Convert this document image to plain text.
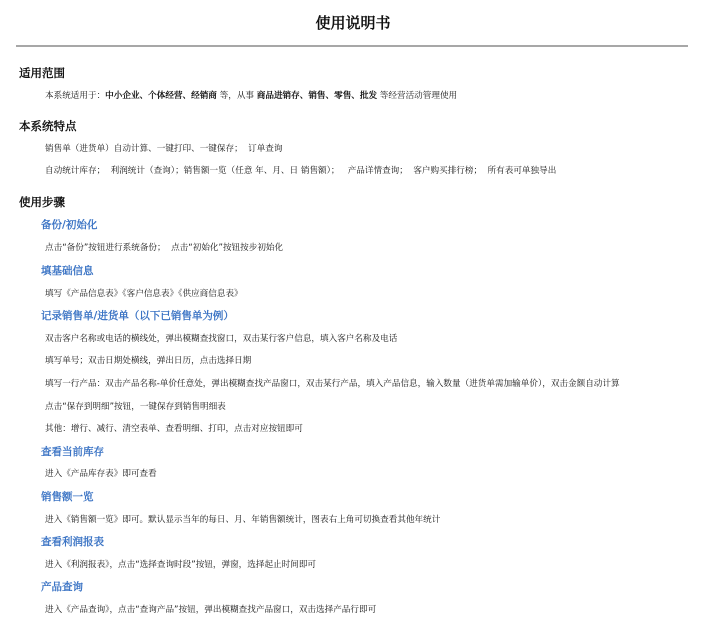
使用说明书
适用范围
本系统适用于：中小企业、个体经营、经销商 等，从事 商品进销存、销售、零售、批发 等经营活动管理使用
本系统特点
销售单（进货单）自动计算、一键打印、一键保存；  订单查询
自动统计库存；  利润统计（查询）；销售额一览（任意 年、月、日 销售额）；   产品详情查询；  客户购买排行榜；  所有表可单独导出
使用步骤
备份/初始化
点击“备份”按钮进行系统备份；  点击“初始化”按钮按步初始化
填基础信息
填写《产品信息表》《客户信息表》《供应商信息表》
记录销售单/进货单（以下已销售单为例）
双击客户名称或电话的横线处，弹出模糊查找窗口，双击某行客户信息，填入客户名称及电话
填写单号；双击日期处横线，弹出日历，点击选择日期
填写一行产品：双击产品名称-单价任意处，弹出模糊查找产品窗口，双击某行产品，填入产品信息，输入数量（进货单需加输单价），双击金额自动计算
点击“保存到明细”按钮，一键保存到销售明细表
其他：增行、减行、清空表单、查看明细、打印，点击对应按钮即可
查看当前库存
进入《产品库存表》即可查看
销售额一览
进入《销售额一览》即可。默认显示当年的每日、月、年销售额统计，图表右上角可切换查看其他年统计
查看利润报表
进入《利润报表》，点击“选择查询时段”按钮，弹窗，选择起止时间即可
产品查询
进入《产品查询》，点击“查询产品”按钮，弹出模糊查找产品窗口，双击选择产品行即可
